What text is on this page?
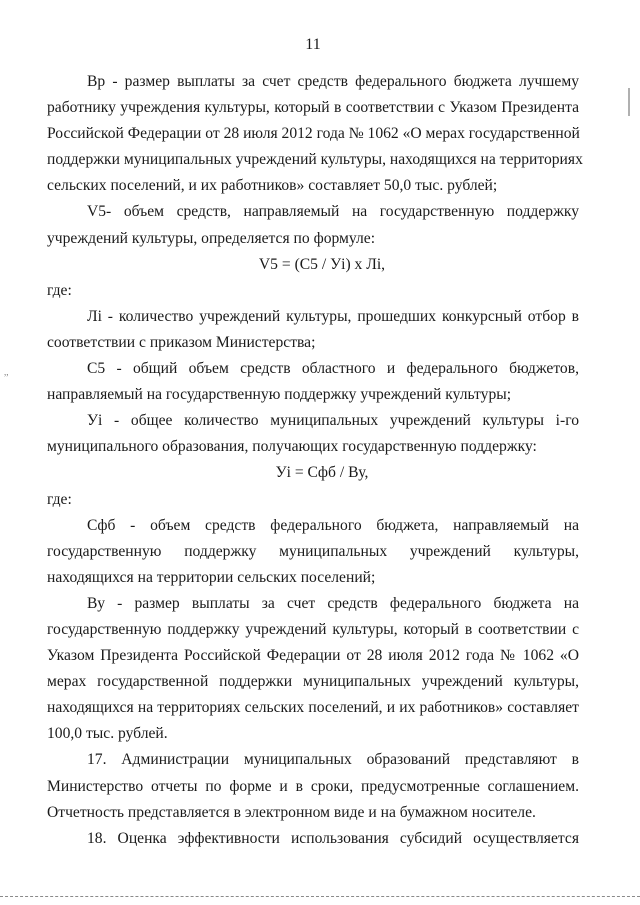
11
,,
Вр - размер выплаты за счет средств федерального бюджета лучшему
работнику учреждения культуры, который в соответствии с Указом Президента
Российской Федерации от 28 июля 2012 года № 1062 «О мерах государственной
поддержки муниципальных учреждений культуры, находящихся на территориях
сельских поселений, и их работников» составляет 50,0 тыс. рублей;
V5- объем средств, направляемый на государственную поддержку
учреждений культуры, определяется по формуле:
V5 = (С5 / Уi) х Лi,
где:
Лi - количество учреждений культуры, прошедших конкурсный отбор в
соответствии с приказом Министерства;
С5 - общий объем средств областного и федерального бюджетов,
направляемый на государственную поддержку учреждений культуры;
Уi - общее количество муниципальных учреждений культуры i-го
муниципального образования, получающих государственную поддержку:
Уi = Сфб / Ву,
где:
Сфб - объем средств федерального бюджета, направляемый на
государственную поддержку муниципальных учреждений культуры,
находящихся на территории сельских поселений;
Ву - размер выплаты за счет средств федерального бюджета на
государственную поддержку учреждений культуры, который в соответствии с
Указом Президента Российской Федерации от 28 июля 2012 года № 1062 «О
мерах государственной поддержки муниципальных учреждений культуры,
находящихся на территориях сельских поселений, и их работников» составляет
100,0 тыс. рублей.
17. Администрации муниципальных образований представляют в
Министерство отчеты по форме и в сроки, предусмотренные соглашением.
Отчетность представляется в электронном виде и на бумажном носителе.
18. Оценка эффективности использования субсидий осуществляется
